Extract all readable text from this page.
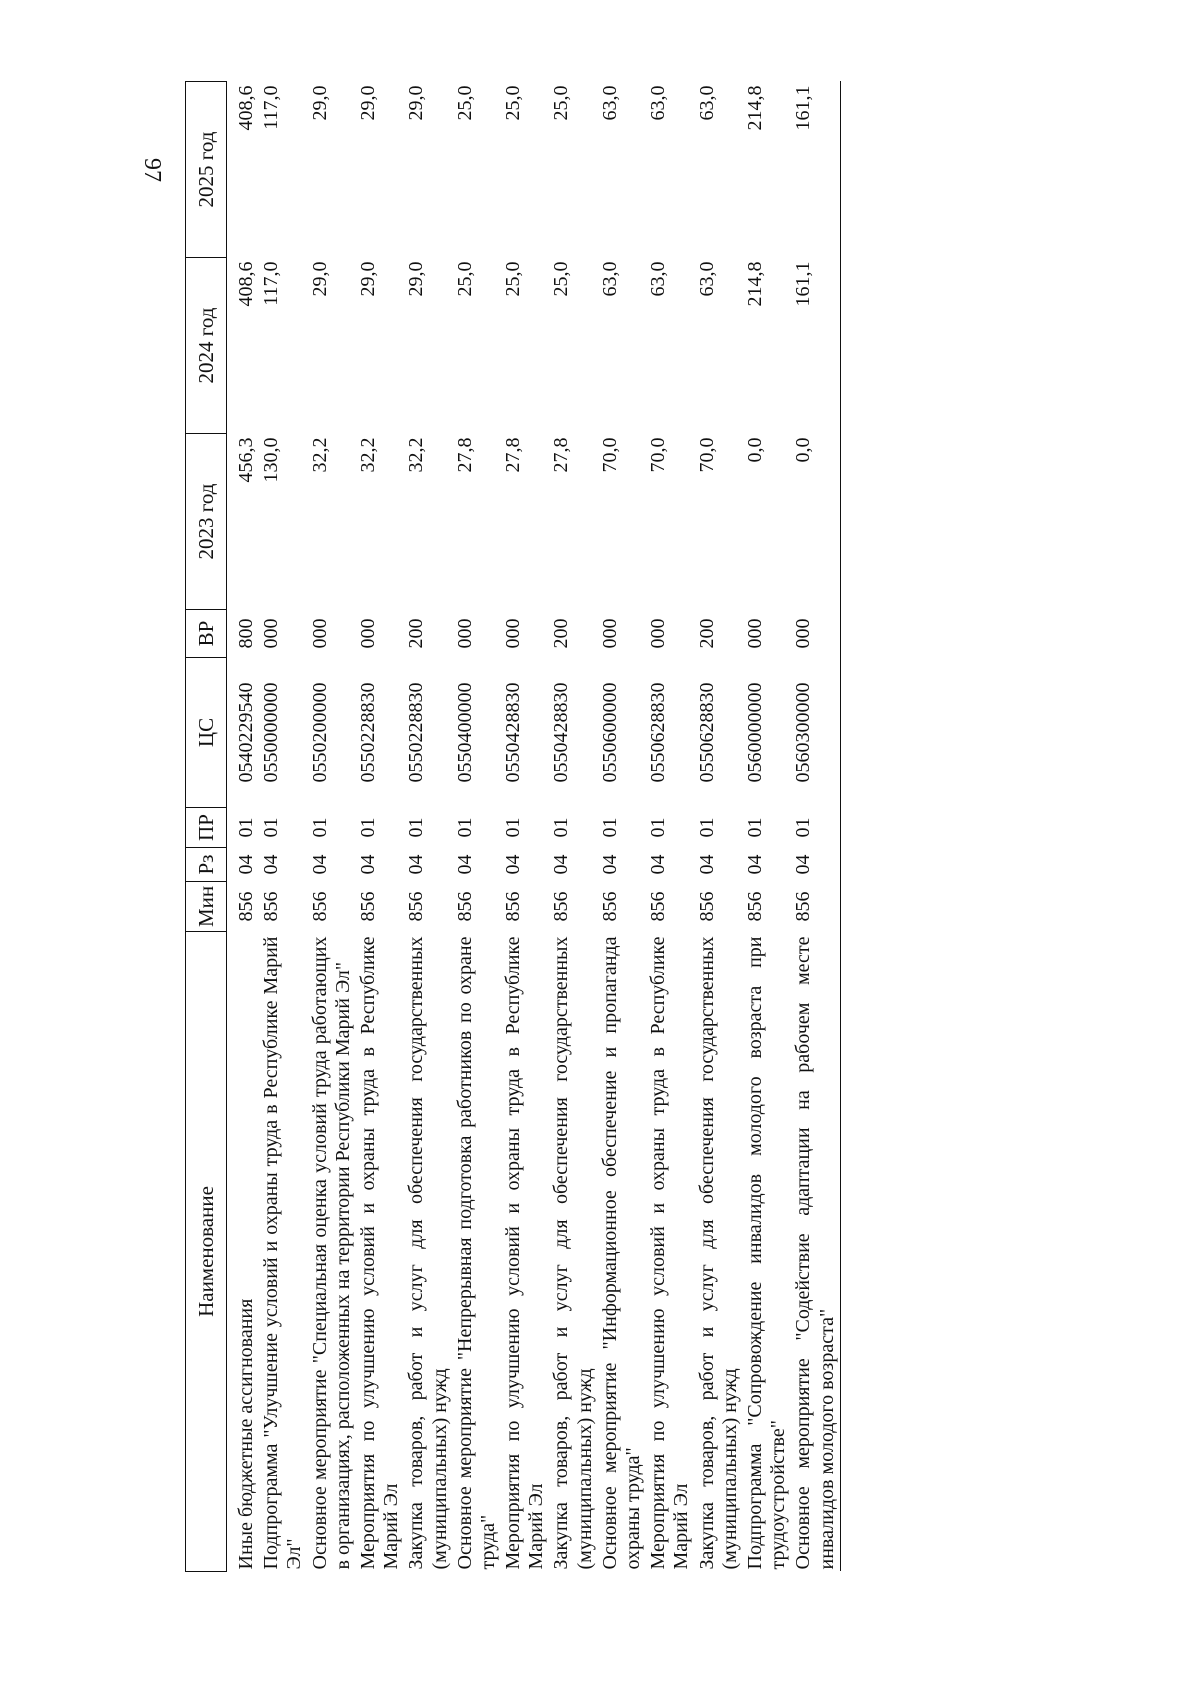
97
Наименование	Мин	Рз	ПР	ЦС	ВР	2023 год	2024 год	2025 год
Иные бюджетные ассигнования	856	04	01	0540229540	800	456,3	408,6	408,6
Подпрограмма "Улучшение условий и охраны труда в Республике Марий Эл"	856	04	01	0550000000	000	130,0	117,0	117,0
Основное мероприятие "Специальная оценка условий труда работающих в организациях, расположенных на территории Республики Марий Эл"	856	04	01	0550200000	000	32,2	29,0	29,0
Мероприятия по улучшению условий и охраны труда в Республике Марий Эл	856	04	01	0550228830	000	32,2	29,0	29,0
Закупка товаров, работ и услуг для обеспечения государственных (муниципальных) нужд	856	04	01	0550228830	200	32,2	29,0	29,0
Основное мероприятие "Непрерывная подготовка работников по охране труда"	856	04	01	0550400000	000	27,8	25,0	25,0
Мероприятия по улучшению условий и охраны труда в Республике Марий Эл	856	04	01	0550428830	000	27,8	25,0	25,0
Закупка товаров, работ и услуг для обеспечения государственных (муниципальных) нужд	856	04	01	0550428830	200	27,8	25,0	25,0
Основное мероприятие "Информационное обеспечение и пропаганда охраны труда"	856	04	01	0550600000	000	70,0	63,0	63,0
Мероприятия по улучшению условий и охраны труда в Республике Марий Эл	856	04	01	0550628830	000	70,0	63,0	63,0
Закупка товаров, работ и услуг для обеспечения государственных (муниципальных) нужд	856	04	01	0550628830	200	70,0	63,0	63,0
Подпрограмма "Сопровождение инвалидов молодого возраста при трудоустройстве"	856	04	01	0560000000	000	0,0	214,8	214,8
Основное мероприятие "Содействие адаптации на рабочем месте инвалидов молодого возраста"	856	04	01	0560300000	000	0,0	161,1	161,1
